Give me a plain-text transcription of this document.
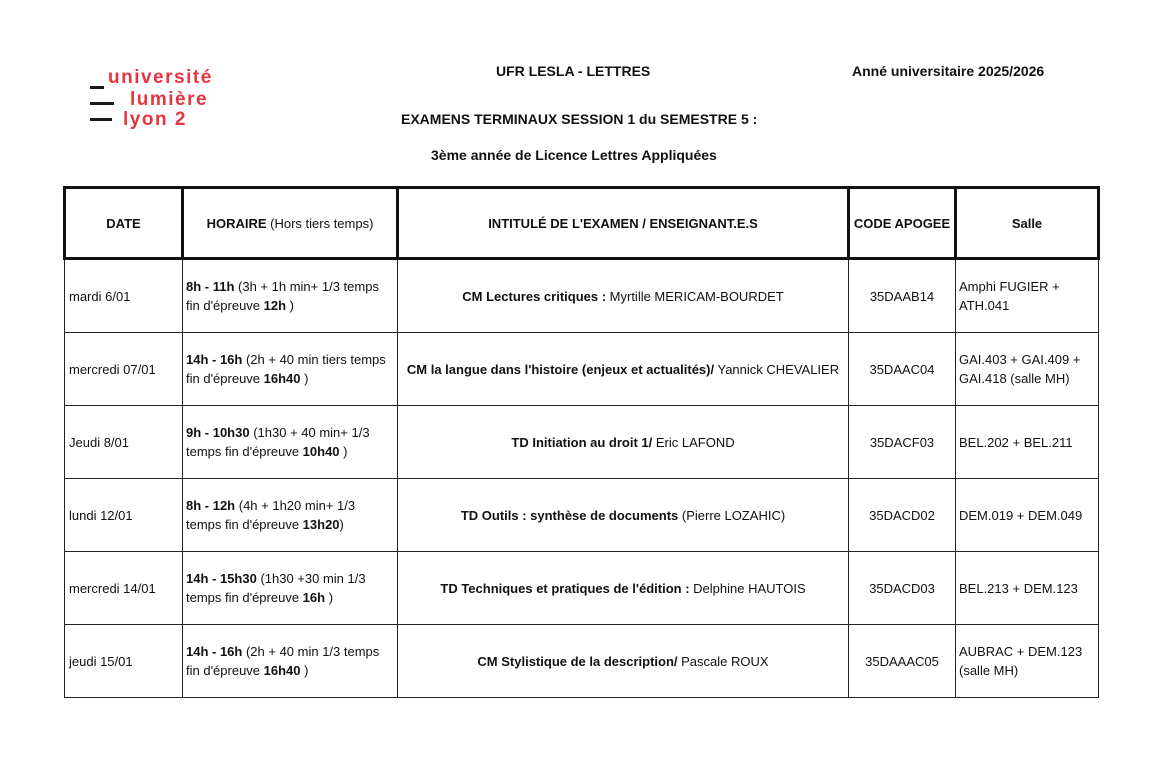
université
lumière
lyon 2
UFR LESLA - LETTRES	Anné universitaire 2025/2026
EXAMENS TERMINAUX SESSION 1 du SEMESTRE 5 :
3ème année de Licence Lettres Appliquées
DATE	HORAIRE (Hors tiers temps)	INTITULÉ DE L'EXAMEN / ENSEIGNANT.E.S	CODE APOGEE	Salle
mardi 6/01	8h - 11h (3h + 1h min+ 1/3 temps fin d'épreuve 12h )	CM Lectures critiques : Myrtille MERICAM-BOURDET	35DAAB14	Amphi FUGIER + ATH.041
mercredi 07/01	14h - 16h (2h + 40 min tiers temps fin d'épreuve 16h40 )	CM la langue dans l'histoire (enjeux et actualités)/ Yannick CHEVALIER	35DAAC04	GAI.403 + GAI.409 + GAI.418 (salle MH)
Jeudi 8/01	9h - 10h30 (1h30 + 40 min+ 1/3 temps fin d'épreuve 10h40 )	TD Initiation au droit 1/ Eric LAFOND	35DACF03	BEL.202 + BEL.211
lundi 12/01	8h - 12h (4h + 1h20 min+ 1/3 temps fin d'épreuve 13h20)	TD Outils : synthèse de documents (Pierre LOZAHIC)	35DACD02	DEM.019 + DEM.049
mercredi 14/01	14h - 15h30 (1h30 +30 min 1/3 temps fin d'épreuve 16h )	TD Techniques et pratiques de l'édition : Delphine HAUTOIS	35DACD03	BEL.213 + DEM.123
jeudi 15/01	14h - 16h (2h + 40 min 1/3 temps fin d'épreuve 16h40 )	CM Stylistique de la description/ Pascale ROUX	35DAAAC05	AUBRAC + DEM.123 (salle MH)
